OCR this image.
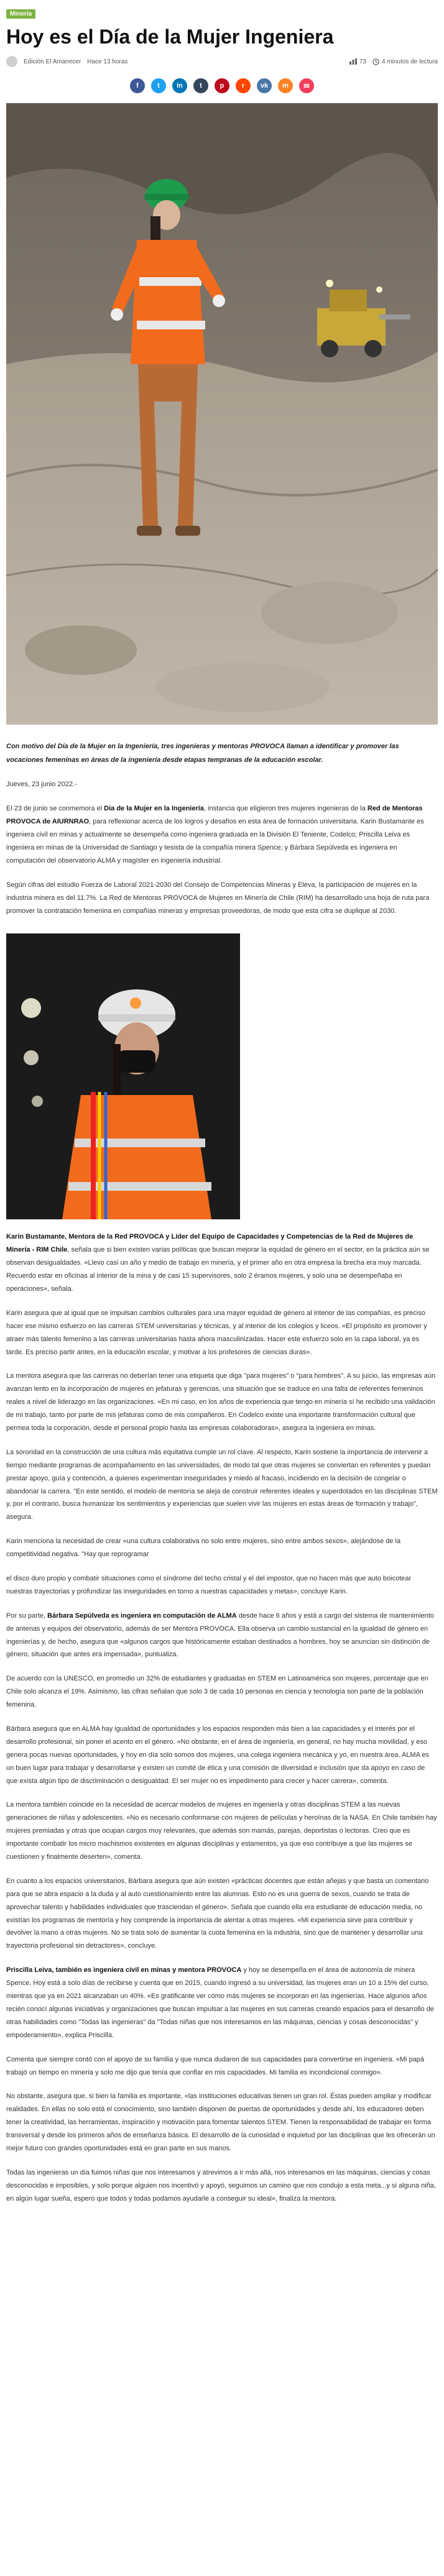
Minería
Hoy es el Día de la Mujer Ingeniera
Edición El Amanecer Hace 13 horas	73	4 minutos de lectura
f	t	in	t	p	r	vk	m	✉

Con motivo del Día de la Mujer en la Ingeniería, tres ingenieras y mentoras PROVOCA llaman a identificar y promover las vocaciones femeninas en áreas de la ingeniería desde etapas tempranas de la educación escolar.

Jueves, 23 junio 2022.-

El 23 de junio se conmemora el Día de la Mujer en la Ingeniería, instancia que eligieron tres mujeres ingenieras de la Red de Mentoras PROVOCA de AIURNRAO, para reflexionar acerca de los logros y desafíos en esta área de formación universitaria. Karin Bustamante es ingeniera civil en minas y actualmente se desempeña como ingeniera graduada en la División El Teniente, Codelco; Priscilla Leiva es ingeniera en minas de la Universidad de Santiago y tesista de la compañía minera Spence; y Bárbara Sepúlveda es ingeniera en computación del observatorio ALMA y magíster en ingeniería industrial.

Según cifras del estudio Fuerza de Laboral 2021-2030 del Consejo de Competencias Mineras y Eleva, la participación de mujeres en la industria minera es del 11,7%. La Red de Mentoras PROVOCA de Mujeres en Minería de Chile (RIM) ha desarrollado una hoja de ruta para promover la contratación femenina en compañías mineras y empresas proveedoras, de modo que esta cifra se duplique al 2030.

Karin Bustamante, Mentora de la Red PROVOCA y Líder del Equipo de Capacidades y Competencias de la Red de Mujeres de Minería - RIM Chile, señala que si bien existen varias políticas que buscan mejorar la equidad de género en el sector, en la práctica aún se observan desigualdades. «Llevo casi un año y medio de trabajo en minería, y el primer año en otra empresa la brecha era muy marcada. Recuerdo estar en oficinas al interior de la mina y de casi 15 supervisores, solo 2 éramos mujeres, y solo una se desempeñaba en operaciones», señala.

Karin asegura que al igual que se impulsan cambios culturales para una mayor equidad de género al interior de las compañías, es preciso hacer ese mismo esfuerzo en las carreras STEM universitarias y técnicas, y al interior de los colegios y liceos. «El propósito es promover y atraer más talento femenino a las carreras universitarias hasta ahora masculinizadas. Hacer este esfuerzo solo en la capa laboral, ya es tarde. Es preciso partir antes, en la educación escolar, y motivar a los profesores de ciencias duras».

La mentora asegura que las carreras no deberían tener una etiqueta que diga "para mujeres" o "para hombres". A su juicio, las empresas aún avanzan lento en la incorporación de mujeres en jefaturas y gerencias, una situación que se traduce en una falta de referentes femeninos reales a nivel de liderazgo en las organizaciones. «En mi caso, en los años de experiencia que tengo en minería sí he recibido una validación de mi trabajo, tanto por parte de mis jefaturas como de mis compañeros. En Codelco existe una importante transformación cultural que permea toda la corporación, desde el personal propio hasta las empresas colaboradoras», asegura la ingeniera en minas.

La sororidad en la construcción de una cultura más equitativa cumple un rol clave. Al respecto, Karin sostiene la importancia de intervenir a tiempo mediante programas de acompañamiento en las universidades, de modo tal que otras mujeres se conviertan en referentes y puedan prestar apoyo, guía y contención, a quienes experimentan inseguridades y miedo al fracaso, incidiendo en la decisión de congelar o abandonar la carrera. "En este sentido, el modelo de mentoría se aleja de construir referentes ideales y superdotados en las disciplinas STEM y, por el contrario, busca humanizar los sentimientos y experiencias que suelen vivir las mujeres en estas áreas de formación y trabajo", asegura.

Karin menciona la necesidad de crear «una cultura colaborativa no solo entre mujeres, sino entre ambos sexos», alejándose de la competitividad negativa. "Hay que reprogramar

el disco duro propio y combatir situaciones como el síndrome del techo cristal y el del impostor, que no hacen más que auto boicotear nuestras trayectorias y profundizar las inseguridades en torno a nuestras capacidades y metas», concluye Karin.

Por su parte, Bárbara Sepúlveda es ingeniera en computación de ALMA desde hace 6 años y está a cargo del sistema de mantenimiento de antenas y equipos del observatorio, además de ser Mentora PROVOCA. Ella observa un cambio sustancial en la igualdad de género en ingenierías y, de hecho, asegura que «algunos cargos que históricamente estaban destinados a hombres, hoy se anuncian sin distinción de género, situación que antes era impensada», puntualiza.

De acuerdo con la UNESCO, en promedio un 32% de estudiantes y graduadas en STEM en Latinoamérica son mujeres, porcentaje que en Chile solo alcanza el 19%. Asimismo, las cifras señalan que solo 3 de cada 10 personas en ciencia y tecnología son parte de la población femenina.

Bárbara asegura que en ALMA hay igualdad de oportunidades y los espacios responden más bien a las capacidades y el interés por el desarrollo profesional, sin poner el acento en el género. «No obstante, en el área de ingeniería, en general, no hay mucha movilidad, y eso genera pocas nuevas oportunidades, y hoy en día solo somos dos mujeres, una colega ingeniera mecánica y yo, en nuestra área. ALMA es un buen lugar para trabajar y desarrollarse y existen un comité de ética y una comisión de diversidad e inclusión que da apoyo en caso de que exista algún tipo de discriminación o desigualdad. El ser mujer no es impedimento para crecer y hacer carrera», comenta.

La mentora también coincide en la necesidad de acercar modelos de mujeres en ingeniería y otras disciplinas STEM a las nuevas generaciones de niñas y adolescentes. «No es necesario conformarse con mujeres de películas y heroínas de la NASA. En Chile también hay mujeres premiadas y otras que ocupan cargos muy relevantes, que además son mamás, parejas, deportistas o lectoras. Creo que es importante combatir los micro machismos existentes en algunas disciplinas y estamentos, ya que eso contribuye a que las mujeres se cuestionen y finalmente deserten», comenta.

En cuanto a los espacios universitarios, Bárbara asegura que aún existen «prácticas docentes que están añejas y que basta un comentario para que se abra espacio a la duda y al auto cuestionamiento entre las alumnas. Esto no es una guerra de sexos, cuando se trata de aprovechar talento y habilidades individuales que trasciendan el género». Señala que cuando ella era estudiante de educación media, no existían los programas de mentoría y hoy comprende la importancia de alentar a otras mujeres. «Mi experiencia sirve para contribuir y devolver la mano a otras mujeres. No se trata solo de aumentar la cuota femenina en la industria, sino que de mantener y desarrollar una trayectoria profesional sin detractores», concluye.

Priscilla Leiva, también es ingeniera civil en minas y mentora PROVOCA y hoy se desempeña en el área de autonomía de minera Spence. Hoy está a solo días de recibirse y cuenta que en 2015, cuando ingresó a su universidad, las mujeres eran un 10 a 15% del curso, mientras que ya en 2021 alcanzaban un 40%. «Es gratificante ver cómo más mujeres se incorporan en las ingenierías. Hace algunos años recién conocí algunas iniciativas y organizaciones que buscan impulsar a las mujeres en sus carreras creando espacios para el desarrollo de otras habilidades como "Todas las ingenieras" da "Todas niñas que nos interesamos en las máquinas, ciencias y cosas desconocidas" y empoderamiento», explica Priscilla.

Comenta que siempre contó con el apoyo de su familia y que nunca dudaron de sus capacidades para convertirse en ingeniera. «Mi papá trabajó un tiempo en minería y solo me dijo que tenía que confiar en mis capacidades. Mi familia es incondicional conmigo».

No obstante, asegura que, si bien la familia es importante, «las instituciones educativas tienen un gran rol. Éstas pueden ampliar y modificar realidades. En ellas no solo está el conocimiento, sino también disponen de puertas de oportunidades y desde ahí, los educadores deben tener la creatividad, las herramientas, inspiración y motivación para fomentar talentos STEM. Tienen la responsabilidad de trabajar en forma transversal y desde los primeros años de enseñanza básica. El desarrollo de la curiosidad e inquietud por las disciplinas que les ofrecerán un mejor futuro con grandes oportunidades está en gran parte en sus manos.

Todas las ingenieras un día fuimos niñas que nos interesamos y atrevimos a ir más allá, nos interesamos en las máquinas, ciencias y cosas desconocidas e imposibles, y solo porque alguien nos incentivó y apoyó, seguimos un camino que nos condujo a esta meta...y si alguna niña, en algún lugar sueña, espero que todos y todas podamos ayudarle a conseguir su ideal», finaliza la mentora.
